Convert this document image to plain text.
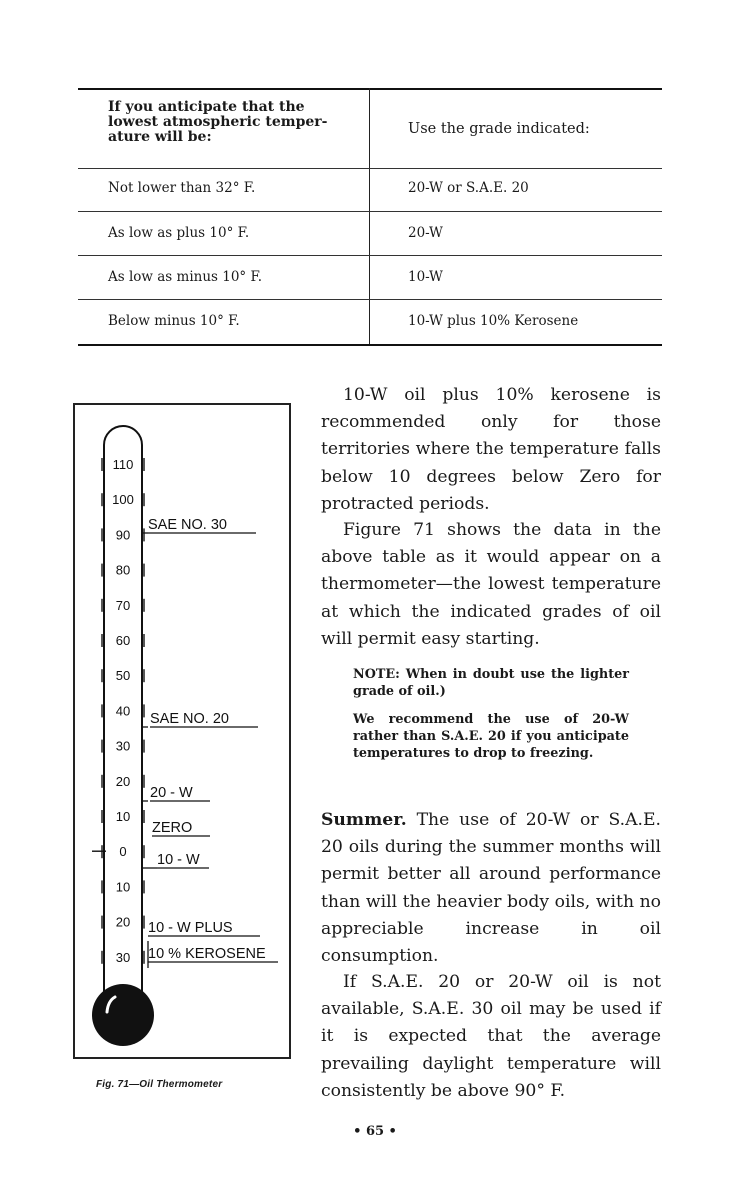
If you anticipate that the lowest atmospheric temper-ature will be:	Use the grade indicated:
Not lower than 32° F.	20-W or S.A.E. 20
As low as plus 10° F.	20-W
As low as minus 10° F.	10-W
Below minus 10° F.	10-W plus 10% Kerosene
110
100
90
80
70
60
50
40
30
20
10
0
10
20
30
SAE NO. 30
SAE NO. 20
20 - W
ZERO
10 - W
10 - W PLUS
10 % KEROSENE
Fig. 71—Oil Thermometer
10-W oil plus 10% kerosene is recommended only for those territories where the temperature falls below 10 degrees below Zero for protracted periods.
Figure 71 shows the data in the above table as it would appear on a thermometer—the lowest temperature at which the indicated grades of oil will permit easy starting.
NOTE: When in doubt use the lighter grade of oil.)
We recommend the use of 20-W rather than S.A.E. 20 if you anticipate temperatures to drop to freezing.
Summer. The use of 20-W or S.A.E. 20 oils during the summer months will permit better all around performance than will the heavier body oils, with no appreciable increase in oil consumption.
If S.A.E. 20 or 20-W oil is not available, S.A.E. 30 oil may be used if it is expected that the average prevailing daylight temperature will consistently be above 90° F.
• 65 •
